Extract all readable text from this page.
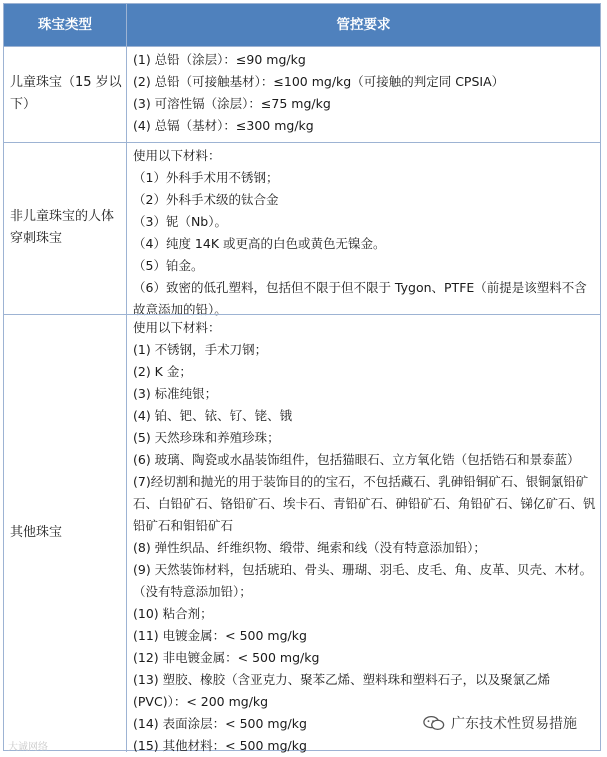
珠宝类型	管控要求
儿童珠宝（15 岁以下）
(1) 总铅（涂层）：≤90 mg/kg
(2) 总铅（可接触基材）：≤100 mg/kg（可接触的判定同 CPSIA）
(3) 可溶性镉（涂层）：≤75 mg/kg
(4) 总镉（基材）：≤300 mg/kg
非儿童珠宝的人体穿刺珠宝
使用以下材料：
（1）外科手术用不锈钢；
（2）外科手术级的钛合金
（3）铌（Nb）。
（4）纯度 14K 或更高的白色或黄色无镍金。
（5）铂金。
（6）致密的低孔塑料，包括但不限于但不限于 Tygon、PTFE（前提是该塑料不含故意添加的铅）。
其他珠宝
使用以下材料：
(1) 不锈钢，手术刀钢；
(2) K 金；
(3) 标准纯银；
(4) 铂、钯、铱、钌、铑、锇
(5) 天然珍珠和养殖珍珠；
(6) 玻璃、陶瓷或水晶装饰组件，包括猫眼石、立方氧化锆（包括锆石和景泰蓝）
(7)经切割和抛光的用于装饰目的的宝石，不包括藏石、乳砷铅铜矿石、银铜氯铅矿石、白铅矿石、铬铅矿石、埃卡石、青铅矿石、砷铅矿石、角铅矿石、锑亿矿石、钒铅矿石和钼铅矿石
(8) 弹性织品、纤维织物、缎带、绳索和线（没有特意添加铅）；
(9) 天然装饰材料，包括琥珀、骨头、珊瑚、羽毛、皮毛、角、皮革、贝壳、木材。（没有特意添加铅）；
(10) 粘合剂；
(11) 电镀金属：< 500 mg/kg
(12) 非电镀金属：< 500 mg/kg
(13) 塑胶、橡胶（含亚克力、聚苯乙烯、塑料珠和塑料石子，以及聚氯乙烯(PVC)）：< 200 mg/kg
(14) 表面涂层：< 500 mg/kg
(15) 其他材料：< 500 mg/kg
广东技术性贸易措施
大诚网络
